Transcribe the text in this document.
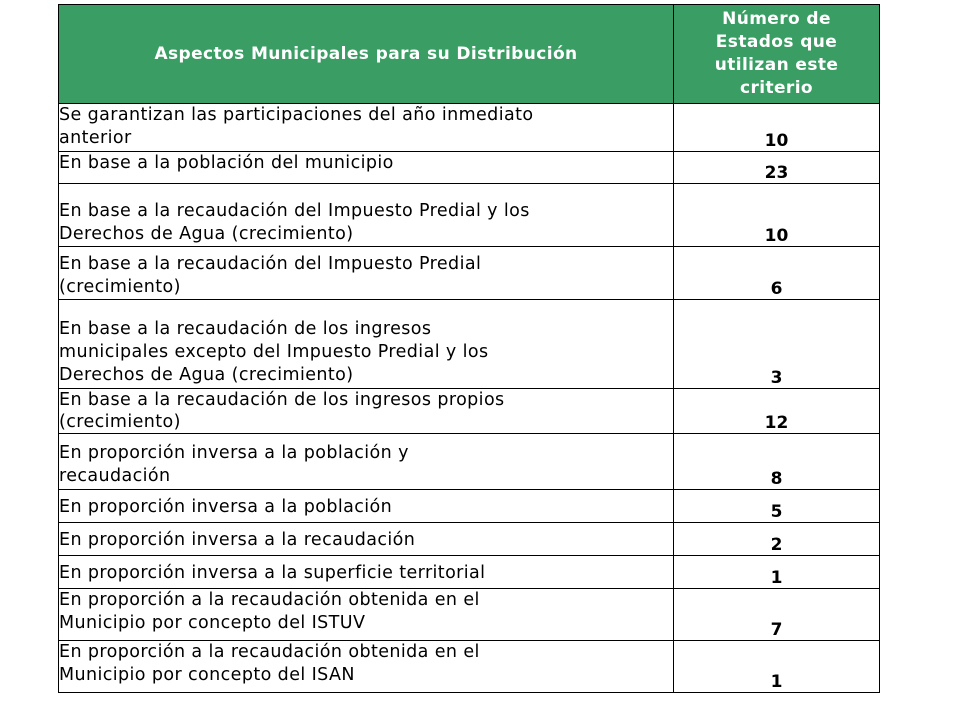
Aspectos Municipales para su Distribución	Número de
Estados que
utilizan este
criterio
Se garantizan las participaciones del año inmediato
anterior	10
En base a la población del municipio	23
En base a la recaudación del Impuesto Predial y los
Derechos de Agua (crecimiento)	10
En base a la recaudación del Impuesto Predial
(crecimiento)	6
En base a la recaudación de los ingresos
municipales excepto del Impuesto Predial y los
Derechos de Agua (crecimiento)	3
En base a la recaudación de los ingresos propios
(crecimiento)	12
En proporción inversa a la población y
recaudación	8
En proporción inversa a la población	5
En proporción inversa a la recaudación	2
En proporción inversa a la superficie territorial	1
En proporción a la recaudación obtenida en el
Municipio por concepto del ISTUV	7
En proporción a la recaudación obtenida en el
Municipio por concepto del ISAN	1
